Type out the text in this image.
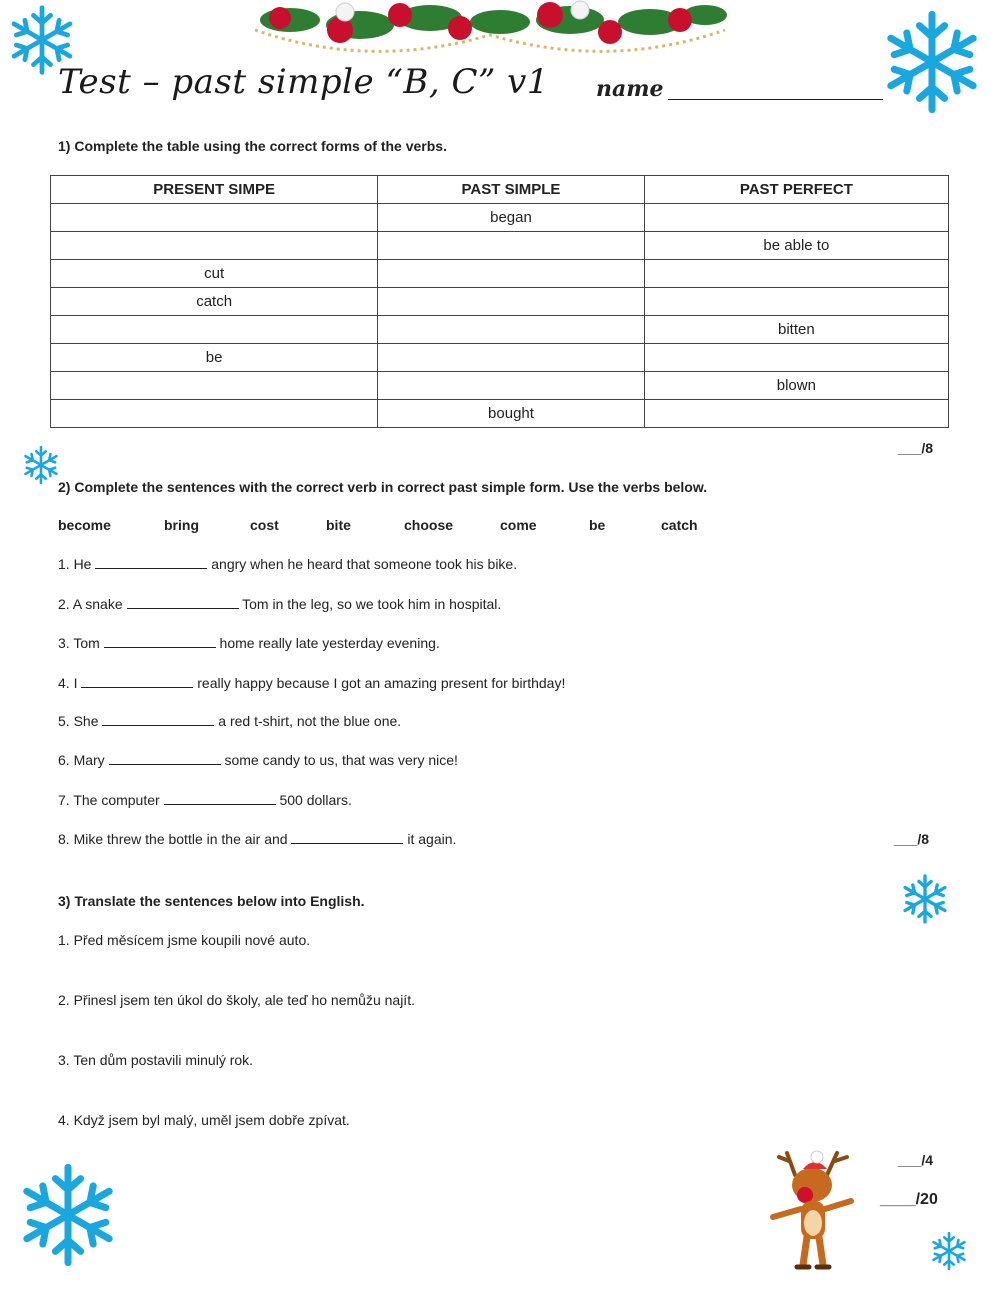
Test – past simple “B, C” v1 name
1) Complete the table using the correct forms of the verbs.
PRESENT SIMPE	PAST SIMPLE	PAST PERFECT
	began	
		be able to
cut		
catch		
		bitten
be		
		blown
	bought	
___/8
2) Complete the sentences with the correct verb in correct past simple form. Use the verbs below.
become	bring	cost	bite	choose	come	be	catch
1. He	angry when he heard that someone took his bike.
2. A snake	Tom in the leg, so we took him in hospital.
3. Tom	home really late yesterday evening.
4. I	really happy because I got an amazing present for birthday!
5. She	a red t-shirt, not the blue one.
6. Mary	some candy to us, that was very nice!
7. The computer	500 dollars.
8. Mike threw the bottle in the air and	it again.	___/8
3) Translate the sentences below into English.
1. Před měsícem jsme koupili nové auto.
2. Přinesl jsem ten úkol do školy, ale teď ho nemůžu najít.
3. Ten dům postavili minulý rok.
4. Když jsem byl malý, uměl jsem dobře zpívat.
___/4
____/20
